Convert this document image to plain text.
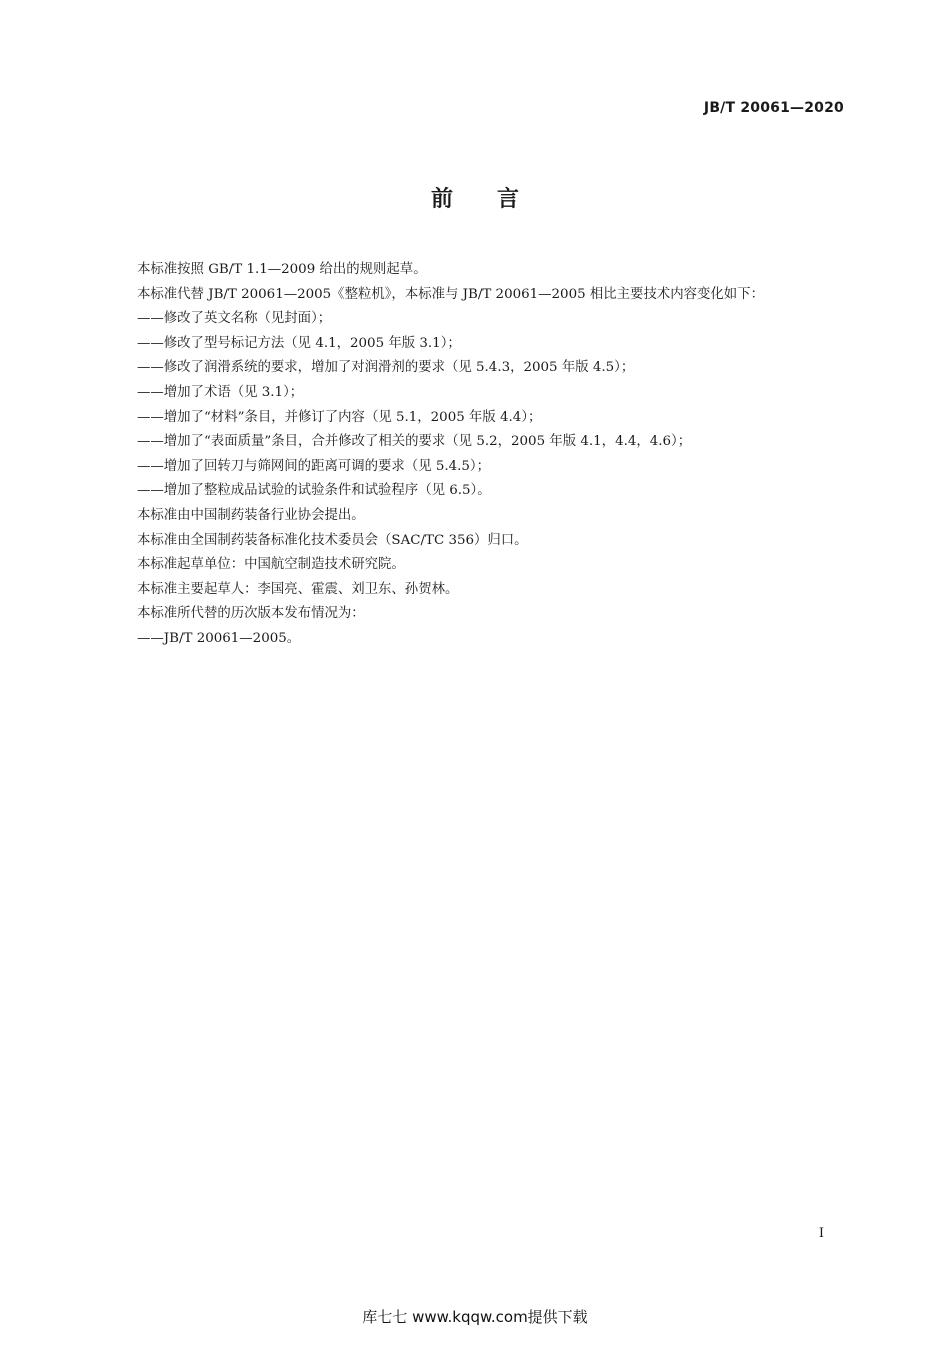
JB/T 20061—2020
前言

本标准按照 GB/T 1.1—2009 给出的规则起草。

本标准代替 JB/T 20061—2005《整粒机》，本标准与 JB/T 20061—2005 相比主要技术内容变化如下：

——修改了英文名称（见封面）；

——修改了型号标记方法（见 4.1，2005 年版 3.1）；

——修改了润滑系统的要求，增加了对润滑剂的要求（见 5.4.3，2005 年版 4.5）；

——增加了术语（见 3.1）；

——增加了“材料”条目，并修订了内容（见 5.1，2005 年版 4.4）；

——增加了“表面质量”条目，合并修改了相关的要求（见 5.2，2005 年版 4.1，4.4，4.6）；

——增加了回转刀与筛网间的距离可调的要求（见 5.4.5）；

——增加了整粒成品试验的试验条件和试验程序（见 6.5）。

本标准由中国制药装备行业协会提出。

本标准由全国制药装备标准化技术委员会（SAC/TC 356）归口。

本标准起草单位：中国航空制造技术研究院。

本标准主要起草人：李国亮、霍震、刘卫东、孙贺林。

本标准所代替的历次版本发布情况为：

——JB/T 20061—2005。

I
库七七 www.kqqw.com提供下载
